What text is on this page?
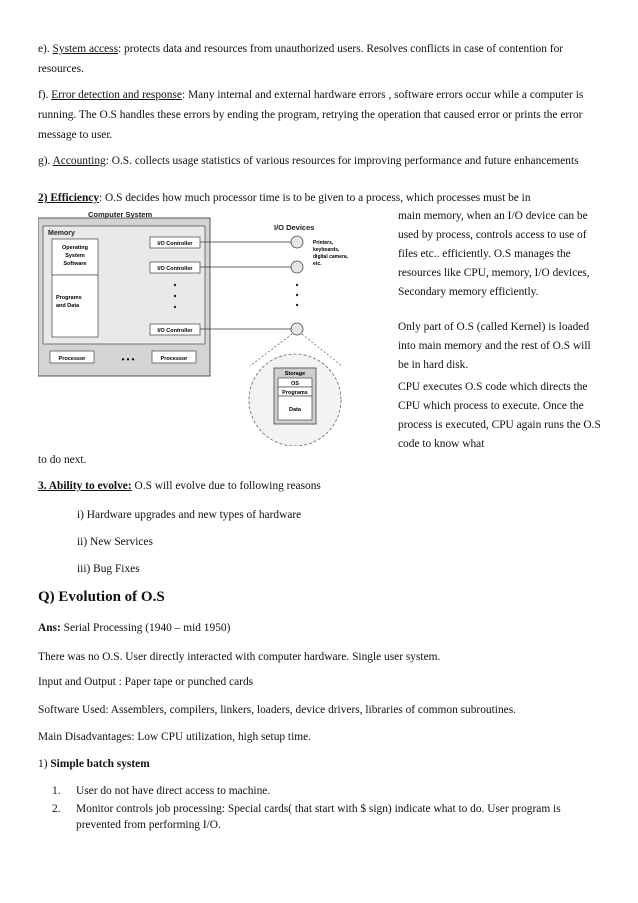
e). System access: protects data and resources from unauthorized users. Resolves conflicts in case of contention for resources.

f). Error detection and response: Many internal and external hardware errors , software errors occur while a computer is running. The O.S handles these errors by ending the program, retrying the operation that caused error or prints the error message to user.

g). Accounting: O.S. collects usage statistics of various resources for improving performance and future enhancements

2) Efficiency: O.S decides how much processor time is to be given to a process, which processes must be in

main memory, when an I/O device can be used by process, controls access to use of files etc.. efficiently. O.S manages the resources like CPU, memory, I/O devices, Secondary memory efficiently.

Only part of O.S (called Kernel) is loaded into main memory and the rest of O.S will be in hard disk.

CPU executes O.S code which directs the CPU which process to execute. Once the process is executed, CPU again runs the O.S code to know what

to do next.

Computer System
Memory
Operating
System
Software
Programs
and Data
I/O Controller
I/O Controller
I/O Controller
Processor	• • •	Processor
I/O Devices
Printers,
keyboards,
digital camera,
etc.
Storage
OS
Programs
Data

3. Ability to evolve: O.S will evolve due to following reasons

i) Hardware upgrades and new types of hardware

ii) New Services

iii) Bug Fixes

Q) Evolution of O.S

Ans: Serial Processing (1940 – mid 1950)

There was no O.S. User directly interacted with computer hardware. Single user system.

Input and Output : Paper tape or punched cards

Software Used: Assemblers, compilers, linkers, loaders, device drivers, libraries of common subroutines.

Main Disadvantages: Low CPU utilization, high setup time.

1) Simple batch system

1. User do not have direct access to machine.
2. Monitor controls job processing: Special cards( that start with $ sign) indicate what to do. User program is prevented from performing I/O.
